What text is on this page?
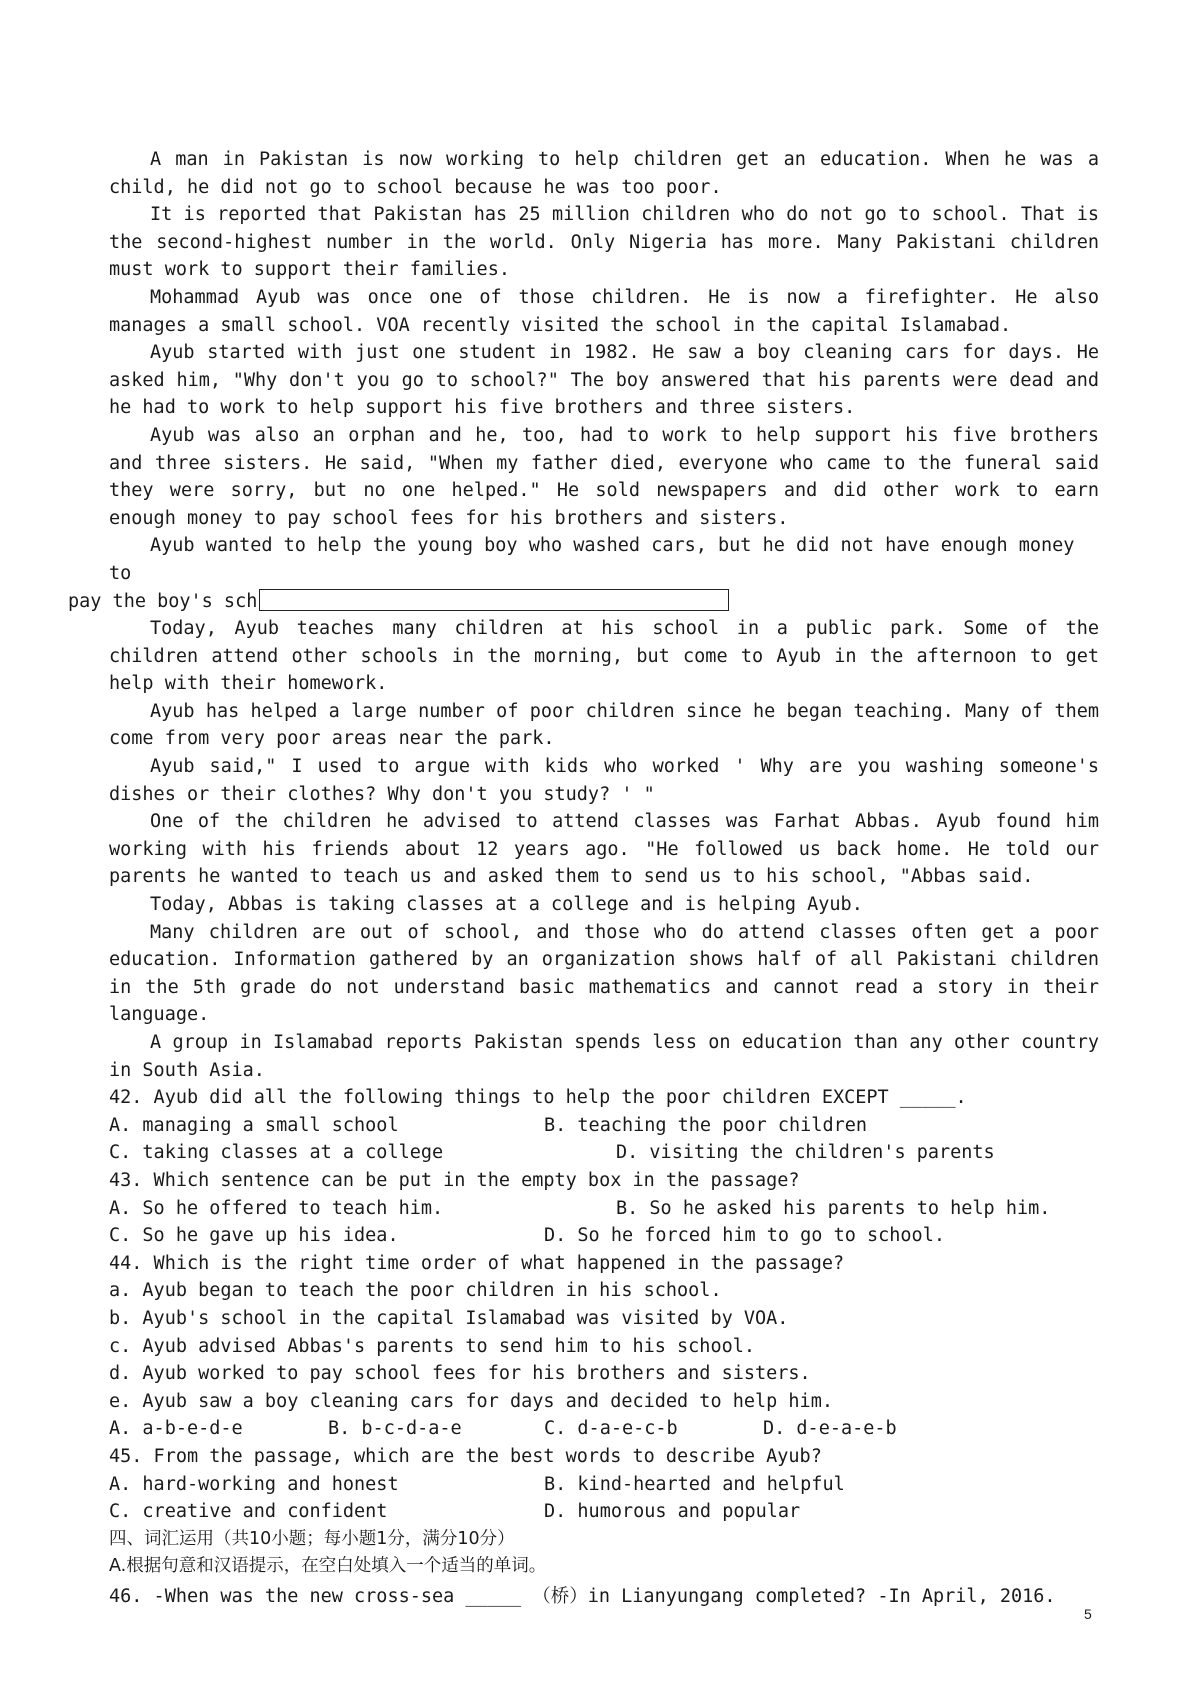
A man in Pakistan is now working to help children get an education. When he was a child, he did not go to school because he was too poor.

It is reported that Pakistan has 25 million children who do not go to school. That is the second-highest number in the world. Only Nigeria has more. Many Pakistani children must work to support their families.

Mohammad Ayub was once one of those children. He is now a firefighter. He also manages a small school. VOA recently visited the school in the capital Islamabad.

Ayub started with just one student in 1982. He saw a boy cleaning cars for days. He asked him, "Why don't you go to school?" The boy answered that his parents were dead and he had to work to help support his five brothers and three sisters.

Ayub was also an orphan and he, too, had to work to help support his five brothers and three sisters. He said, "When my father died, everyone who came to the funeral said they were sorry, but no one helped." He sold newspapers and did other work to earn enough money to pay school fees for his brothers and sisters.

Ayub wanted to help the young boy who washed cars, but he did not have enough money to
pay the boy's sch

Today, Ayub teaches many children at his school in a public park. Some of the children attend other schools in the morning, but come to Ayub in the afternoon to get help with their homework.

Ayub has helped a large number of poor children since he began teaching. Many of them come from very poor areas near the park.

Ayub said," I used to argue with kids who worked ' Why are you washing someone's dishes or their clothes? Why don't you study? ' "

One of the children he advised to attend classes was Farhat Abbas. Ayub found him working with his friends about 12 years ago. "He followed us back home. He told our parents he wanted to teach us and asked them to send us to his school, "Abbas said.

Today, Abbas is taking classes at a college and is helping Ayub.

Many children are out of school, and those who do attend classes often get a poor education. Information gathered by an organization shows half of all Pakistani children in the 5th grade do not understand basic mathematics and cannot read a story in their language.

A group in Islamabad reports Pakistan spends less on education than any other country in South Asia.

42. Ayub did all the following things to help the poor children EXCEPT _____.

A. managing a small school	B. teaching the poor children
C. taking classes at a college	D. visiting the children's parents

43. Which sentence can be put in the empty box in the passage?

A. So he offered to teach him.	B. So he asked his parents to help him.
C. So he gave up his idea.	D. So he forced him to go to school.

44. Which is the right time order of what happened in the passage?

a. Ayub began to teach the poor children in his school.

b. Ayub's school in the capital Islamabad was visited by VOA.

c. Ayub advised Abbas's parents to send him to his school.

d. Ayub worked to pay school fees for his brothers and sisters.

e. Ayub saw a boy cleaning cars for days and decided to help him.

A. a-b-e-d-e	B. b-c-d-a-e	C. d-a-e-c-b	D. d-e-a-e-b

45. From the passage, which are the best words to describe Ayub?

A. hard-working and honest	B. kind-hearted and helpful
C. creative and confident	D. humorous and popular

四、词汇运用（共10小题；每小题1分，满分10分）

A.根据句意和汉语提示，在空白处填入一个适当的单词。

46. -When was the new cross-sea _____ （桥）in Lianyungang completed? -In April, 2016.

5
